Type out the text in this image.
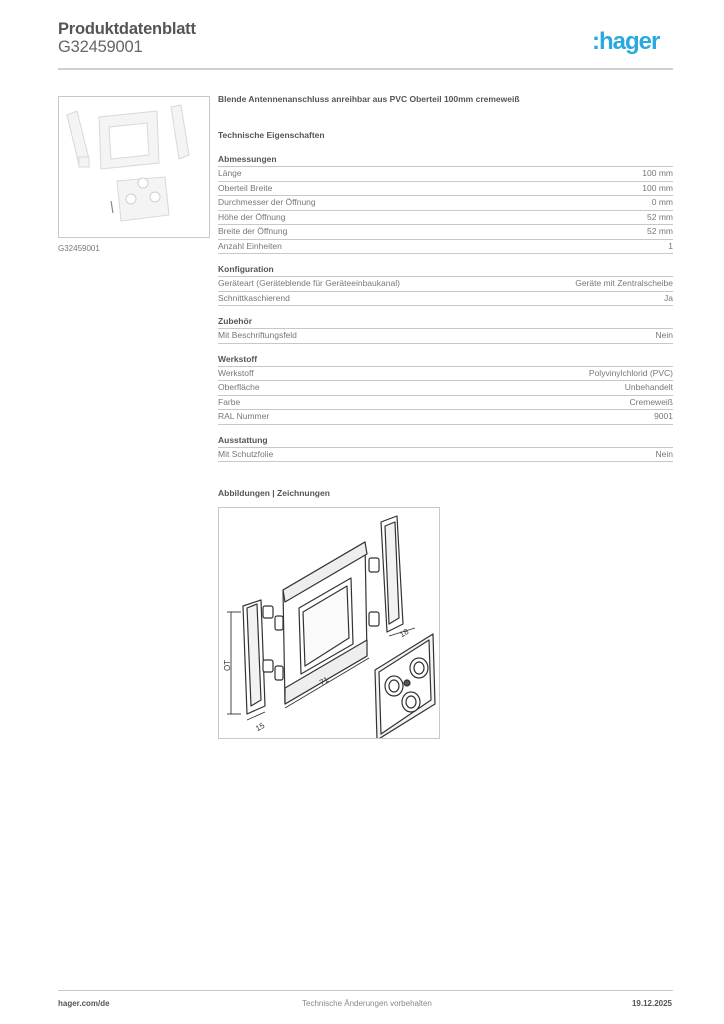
Produktdatenblatt
G32459001	:hager
G32459001
Blende Antennenanschluss anreihbar aus PVC Oberteil 100mm cremeweiß
Technische Eigenschaften
Abmessungen
Länge	100 mm
Oberteil Breite	100 mm
Durchmesser der Öffnung	0 mm
Höhe der Öffnung	52 mm
Breite der Öffnung	52 mm
Anzahl Einheiten	1
Konfiguration
Geräteart (Geräteblende für Geräteeinbaukanal)	Geräte mit Zentralscheibe
Schnittkaschierend	Ja
Zubehör
Mit Beschriftungsfeld	Nein
Werkstoff
Werkstoff	Polyvinylchlorid (PVC)
Oberfläche	Unbehandelt
Farbe	Cremeweiß
RAL Nummer	9001
Ausstattung
Mit Schutzfolie	Nein
Abbildungen | Zeichnungen
OT
71
15
18
hager.com/de	Technische Änderungen vorbehalten	19.12.2025
